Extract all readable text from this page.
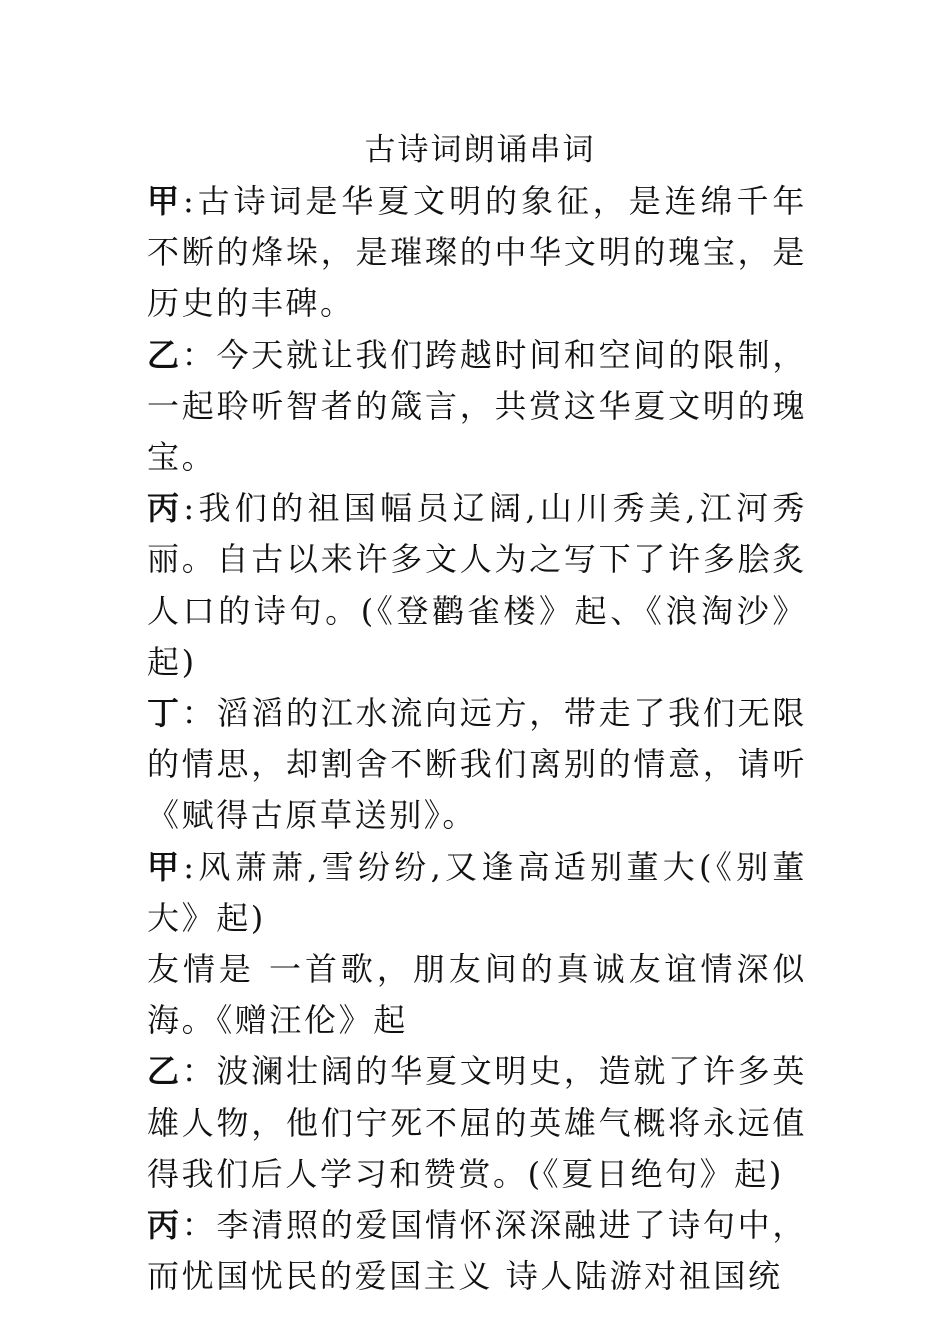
古诗词朗诵串词

甲:古诗词是华夏文明的象征，是连绵千年不断的烽垛，是璀璨的中华文明的瑰宝，是历史的丰碑。

乙：今天就让我们跨越时间和空间的限制，一起聆听智者的箴言，共赏这华夏文明的瑰宝。

丙:我们的祖国幅员辽阔,山川秀美,江河秀丽。自古以来许多文人为之写下了许多脍炙人口的诗句。(《登鹳雀楼》起、《浪淘沙》起)

丁：滔滔的江水流向远方，带走了我们无限的情思，却割舍不断我们离别的情意，请听《赋得古原草送别》。

甲:风萧萧,雪纷纷,又逢高适别董大(《别董大》起)

友情是 一首歌，朋友间的真诚友谊情深似海。《赠汪伦》起

乙：波澜壮阔的华夏文明史，造就了许多英雄人物，他们宁死不屈的英雄气概将永远值得我们后人学习和赞赏。(《夏日绝句》起)

丙：李清照的爱国情怀深深融进了诗句中，而忧国忧民的爱国主义 诗人陆游对祖国统
